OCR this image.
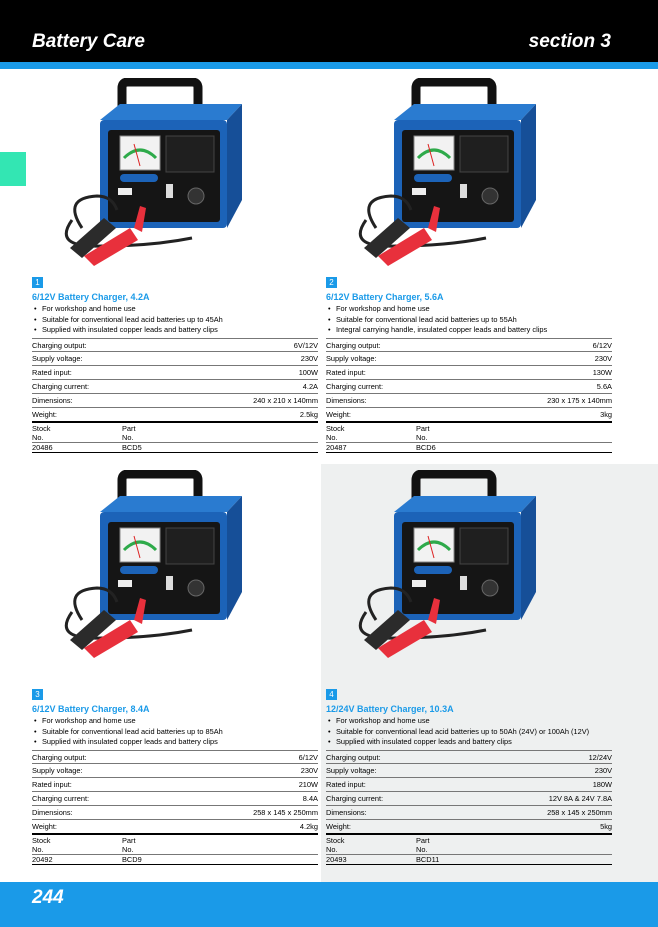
Battery Care	section 3
1
6/12V Battery Charger, 4.2A
• For workshop and home use
• Suitable for conventional lead acid batteries up to 45Ah
• Supplied with insulated copper leads and battery clips
Charging output:	6V/12V
Supply voltage:	230V
Rated input:	100W
Charging current:	4.2A
Dimensions:	240 x 210 x 140mm
Weight:	2.5kg
Stock
No.
Part
No.
20486	BCD5
2
6/12V Battery Charger, 5.6A
• For workshop and home use
• Suitable for conventional lead acid batteries up to 55Ah
• Integral carrying handle, insulated copper leads and battery clips
Charging output:	6/12V
Supply voltage:	230V
Rated input:	130W
Charging current:	5.6A
Dimensions:	230 x 175 x 140mm
Weight:	3kg
Stock
No.
Part
No.
20487	BCD6
3
6/12V Battery Charger, 8.4A
• For workshop and home use
• Suitable for conventional lead acid batteries up to 85Ah
• Supplied with insulated copper leads and battery clips
Charging output:	6/12V
Supply voltage:	230V
Rated input:	210W
Charging current:	8.4A
Dimensions:	258 x 145 x 250mm
Weight:	4.2kg
Stock
No.
Part
No.
20492	BCD9
4
12/24V Battery Charger, 10.3A
• For workshop and home use
• Suitable for conventional lead acid batteries up to 50Ah (24V) or 100Ah (12V)
• Supplied with insulated copper leads and battery clips
Charging output:	12/24V
Supply voltage:	230V
Rated input:	180W
Charging current:	12V 8A & 24V 7.8A
Dimensions:	258 x 145 x 250mm
Weight:	5kg
Stock
No.
Part
No.
20493	BCD11
244
